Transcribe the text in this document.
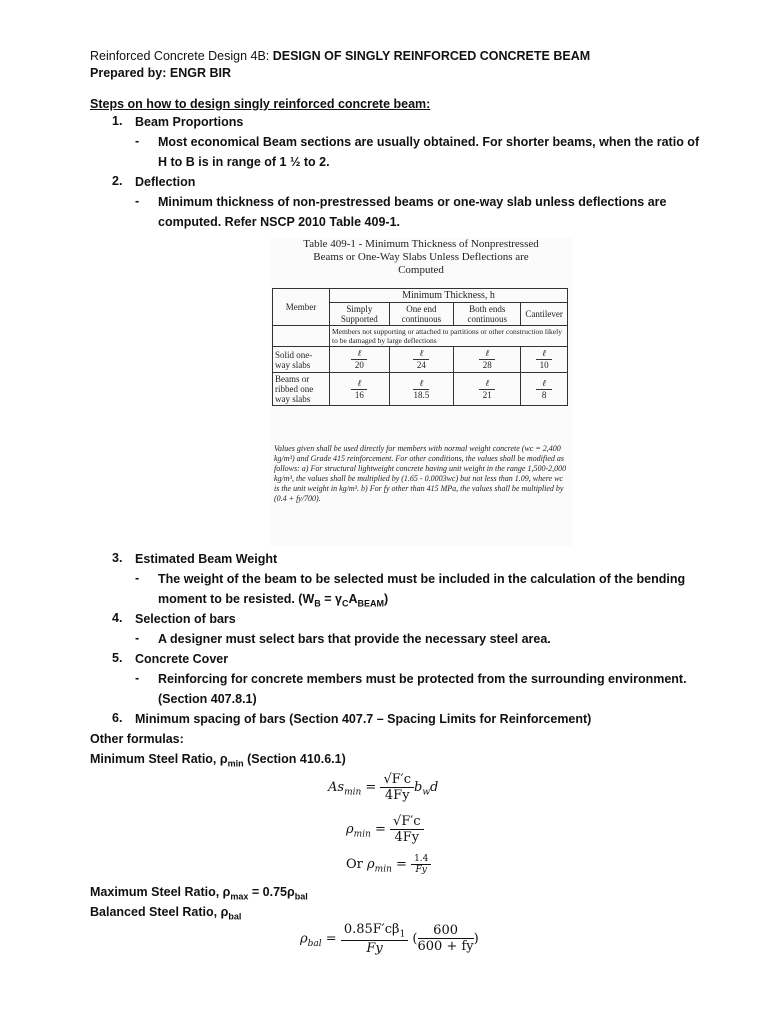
Reinforced Concrete Design 4B: DESIGN OF SINGLY REINFORCED CONCRETE BEAM
Prepared by: ENGR BIR
Steps on how to design singly reinforced concrete beam:
1. Beam Proportions
- Most economical Beam sections are usually obtained. For shorter beams, when the ratio of
H to B is in range of 1 ½ to 2.
2. Deflection
- Minimum thickness of non-prestressed beams or one-way slab unless deflections are
computed. Refer NSCP 2010 Table 409-1.
Table 409-1 - Minimum Thickness of Nonprestressed
Beams or One-Way Slabs Unless Deflections are
Computed
Member	Minimum Thickness, h			
	Simply Supported	One end continuous	Both ends continuous	Cantilever
	Members not supporting or attached to partitions or other construction likely to be damaged by large deflections			
Solid one-way slabs	$\frac{\text{ℓ}}{20}$	$\frac{\text{ℓ}}{24}$	$\frac{\text{ℓ}}{28}$	$\frac{\text{ℓ}}{10}$

Beams or ribbed one way slabs	$\frac{\text{ℓ}}{16}$	$\frac{\text{ℓ}}{18.5}$	$\frac{\text{ℓ}}{21}$	$\frac{\text{ℓ}}{8}$
Values given shall be used directly for members with normal weight concrete (wc = 2,400 kg/m³) and Grade 415 reinforcement. For other conditions, the values shall be modified as follows: a) For structural lightweight concrete having unit weight in the range 1,500-2,000 kg/m³, the values shall be multiplied by (1.65 - 0.0003wc) but not less than 1.09, where wc is the unit weight in kg/m³. b) For fy other than 415 MPa, the values shall be multiplied by (0.4 + fy/700).
3. Estimated Beam Weight
- The weight of the beam to be selected must be included in the calculation of the bending
moment to be resisted. $(W_B = \gamma_CA_{BEAM})$
4. Selection of bars
- A designer must select bars that provide the necessary steel area.
5. Concrete Cover
- Reinforcing for concrete members must be protected from the surrounding environment.
(Section 407.8.1)
6. Minimum spacing of bars (Section 407.7 – Spacing Limits for Reinforcement)
Other formulas:
Minimum Steel Ratio, $\rho_{min}$ (Section 410.6.1)
$As_{min} = \frac{√F'c}{4Fy} b_wd$
$\rho_{min} = \frac{√F'c}{4Fy}$
Or $\rho_{min} = \frac{1.4}{Fy}$
Maximum Steel Ratio, $\rho_{max} = 0.75\rho_{bal}$
Balanced Steel Ratio, $\rho_{bal}$
$\rho_{bal} = \frac{0.85F'c\beta_1}{Fy}$ ( $\frac{600}{600 + fy}$ )
